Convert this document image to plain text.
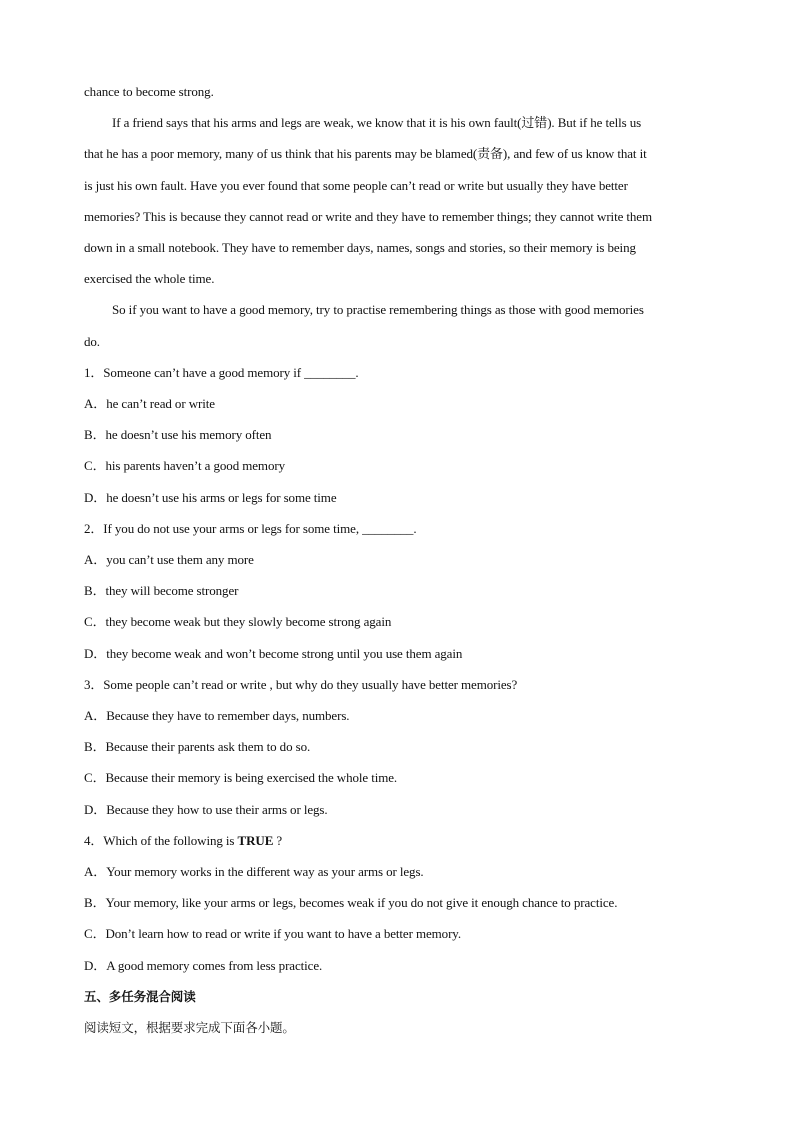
chance to become strong.
If a friend says that his arms and legs are weak, we know that it is his own fault(过错). But if he tells us
that he has a poor memory, many of us think that his parents may be blamed(责备), and few of us know that it
is just his own fault. Have you ever found that some people can’t read or write but usually they have better
memories? This is because they cannot read or write and they have to remember things; they cannot write them
down in a small notebook. They have to remember days, names, songs and stories, so their memory is being
exercised the whole time.
So if you want to have a good memory, try to practise remembering things as those with good memories
do.
1．Someone can’t have a good memory if ________.
A．he can’t read or write
B．he doesn’t use his memory often
C．his parents haven’t a good memory
D．he doesn’t use his arms or legs for some time
2．If you do not use your arms or legs for some time, ________.
A．you can’t use them any more
B．they will become stronger
C．they become weak but they slowly become strong again
D．they become weak and won’t become strong until you use them again
3．Some people can’t read or write , but why do they usually have better memories?
A．Because they have to remember days, numbers.
B．Because their parents ask them to do so.
C．Because their memory is being exercised the whole time.
D．Because they how to use their arms or legs.
4．Which of the following is TRUE ?
A．Your memory works in the different way as your arms or legs.
B．Your memory, like your arms or legs, becomes weak if you do not give it enough chance to practice.
C．Don’t learn how to read or write if you want to have a better memory.
D．A good memory comes from less practice.
五、多任务混合阅读
阅读短文，根据要求完成下面各小题。
